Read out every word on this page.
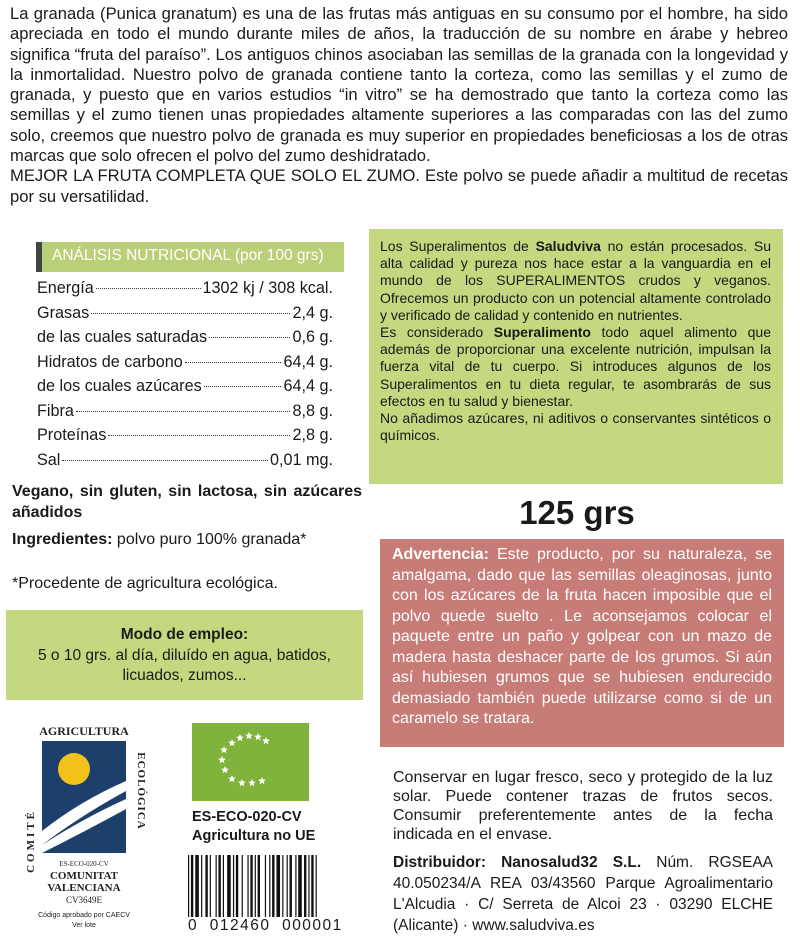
La granada (Punica granatum) es una de las frutas más antiguas en su consumo por el hombre, ha sido apreciada en todo el mundo durante miles de años, la traducción de su nombre en árabe y hebreo significa “fruta del paraíso”. Los antiguos chinos asociaban las semillas de la granada con la longevidad y la inmortalidad. Nuestro polvo de granada contiene tanto la corteza, como las semillas y el zumo de granada, y puesto que en varios estudios “in vitro” se ha demostrado que tanto la corteza como las semillas y el zumo tienen unas propiedades altamente superiores a las comparadas con las del zumo solo, creemos que nuestro polvo de granada es muy superior en propiedades beneficiosas a los de otras marcas que solo ofrecen el polvo del zumo deshidratado.

MEJOR LA FRUTA COMPLETA QUE SOLO EL ZUMO. Este polvo se puede añadir a multitud de recetas por su versatilidad.

ANÁLISIS NUTRICIONAL (por 100 grs)
Energía	1302 kj / 308 kcal.
Grasas	2,4 g.
de las cuales saturadas	0,6 g.
Hidratos de carbono	64,4 g.
de los cuales azúcares	64,4 g.
Fibra	8,8 g.
Proteínas	2,8 g.
Sal	0,01 mg.

Los Superalimentos de Saludviva no están procesados. Su alta calidad y pureza nos hace estar a la vanguardia en el mundo de los SUPERALIMENTOS crudos y veganos. Ofrecemos un producto con un potencial altamente controlado y verificado de calidad y contenido en nutrientes.

Es considerado Superalimento todo aquel alimento que además de proporcionar una excelente nutrición, impulsan la fuerza vital de tu cuerpo. Si introduces algunos de los Superalimentos en tu dieta regular, te asombrarás de sus efectos en tu salud y bienestar.

No añadimos azúcares, ni aditivos o conservantes sintéticos o químicos.

125 grs
Vegano, sin gluten, sin lactosa, sin azúcares añadidos
Ingredientes: polvo puro 100% granada*
*Procedente de agricultura ecológica.
Modo de empleo:
5 o 10 grs. al día, diluído en agua, batidos, licuados, zumos...
Advertencia: Este producto, por su naturaleza, se amalgama, dado que las semillas oleaginosas, junto con los azúcares de la fruta hacen imposible que el polvo quede suelto . Le aconsejamos colocar el paquete entre un paño y golpear con un mazo de madera hasta deshacer parte de los grumos. Si aún así hubiesen grumos que se hubiesen endurecido demasiado también puede utilizarse como si de un caramelo se tratara.
Conservar en lugar fresco, seco y protegido de la luz solar. Puede contener trazas de frutos secos. Consumir preferentemente antes de la fecha indicada en el envase.
Distribuidor: Nanosalud32 S.L. Núm. RGSEAA 40.050234/A REA 03/43560 Parque Agroalimentario L'Alcudia · C/ Serreta de Alcoi 23 · 03290 ELCHE (Alicante) · www.saludviva.es
AGRICULTURA
COMITÉ
ECOLÓGICA
ES-ECO-020-CV
COMUNITAT
VALENCIANA
CV3649E
Código aprobado por CAECV
Ver lote
ES-ECO-020-CV
Agricultura no UE
0  012460  000001
